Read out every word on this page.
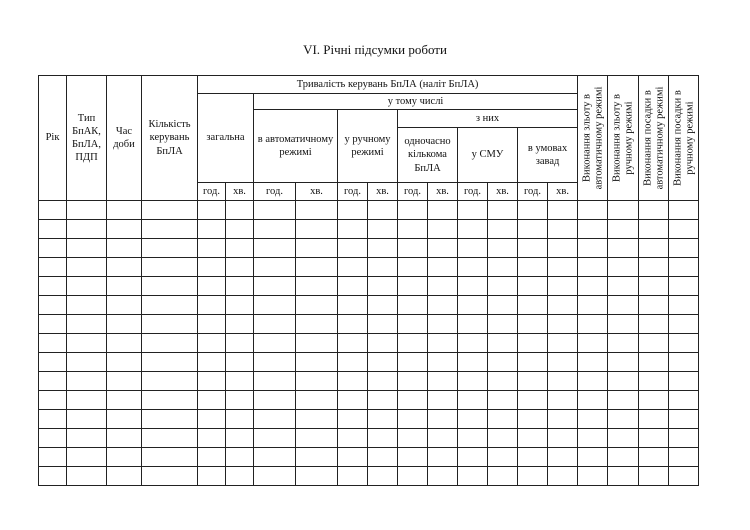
VI. Річні підсумки роботи
Рік	Тип БпАК, БпЛА, ПДП	Час доби	Кількість керувань БпЛА	Тривалість керувань БпЛА (наліт БпЛА)												Виконання зльоту в автоматичному режимі	Виконання зльоту в ручному режимі	Виконання посадки в автоматичному режимі	Виконання посадки в ручному режимі

				загальна		у тому числі													
						в автоматичному режимі		у ручному режимі		з них									
										одночасно кількома БпЛА		у СМУ		в умовах завад					
				год.	хв.	год.	хв.	год.	хв.	год.	хв.	год.	хв.	год.	хв.				
